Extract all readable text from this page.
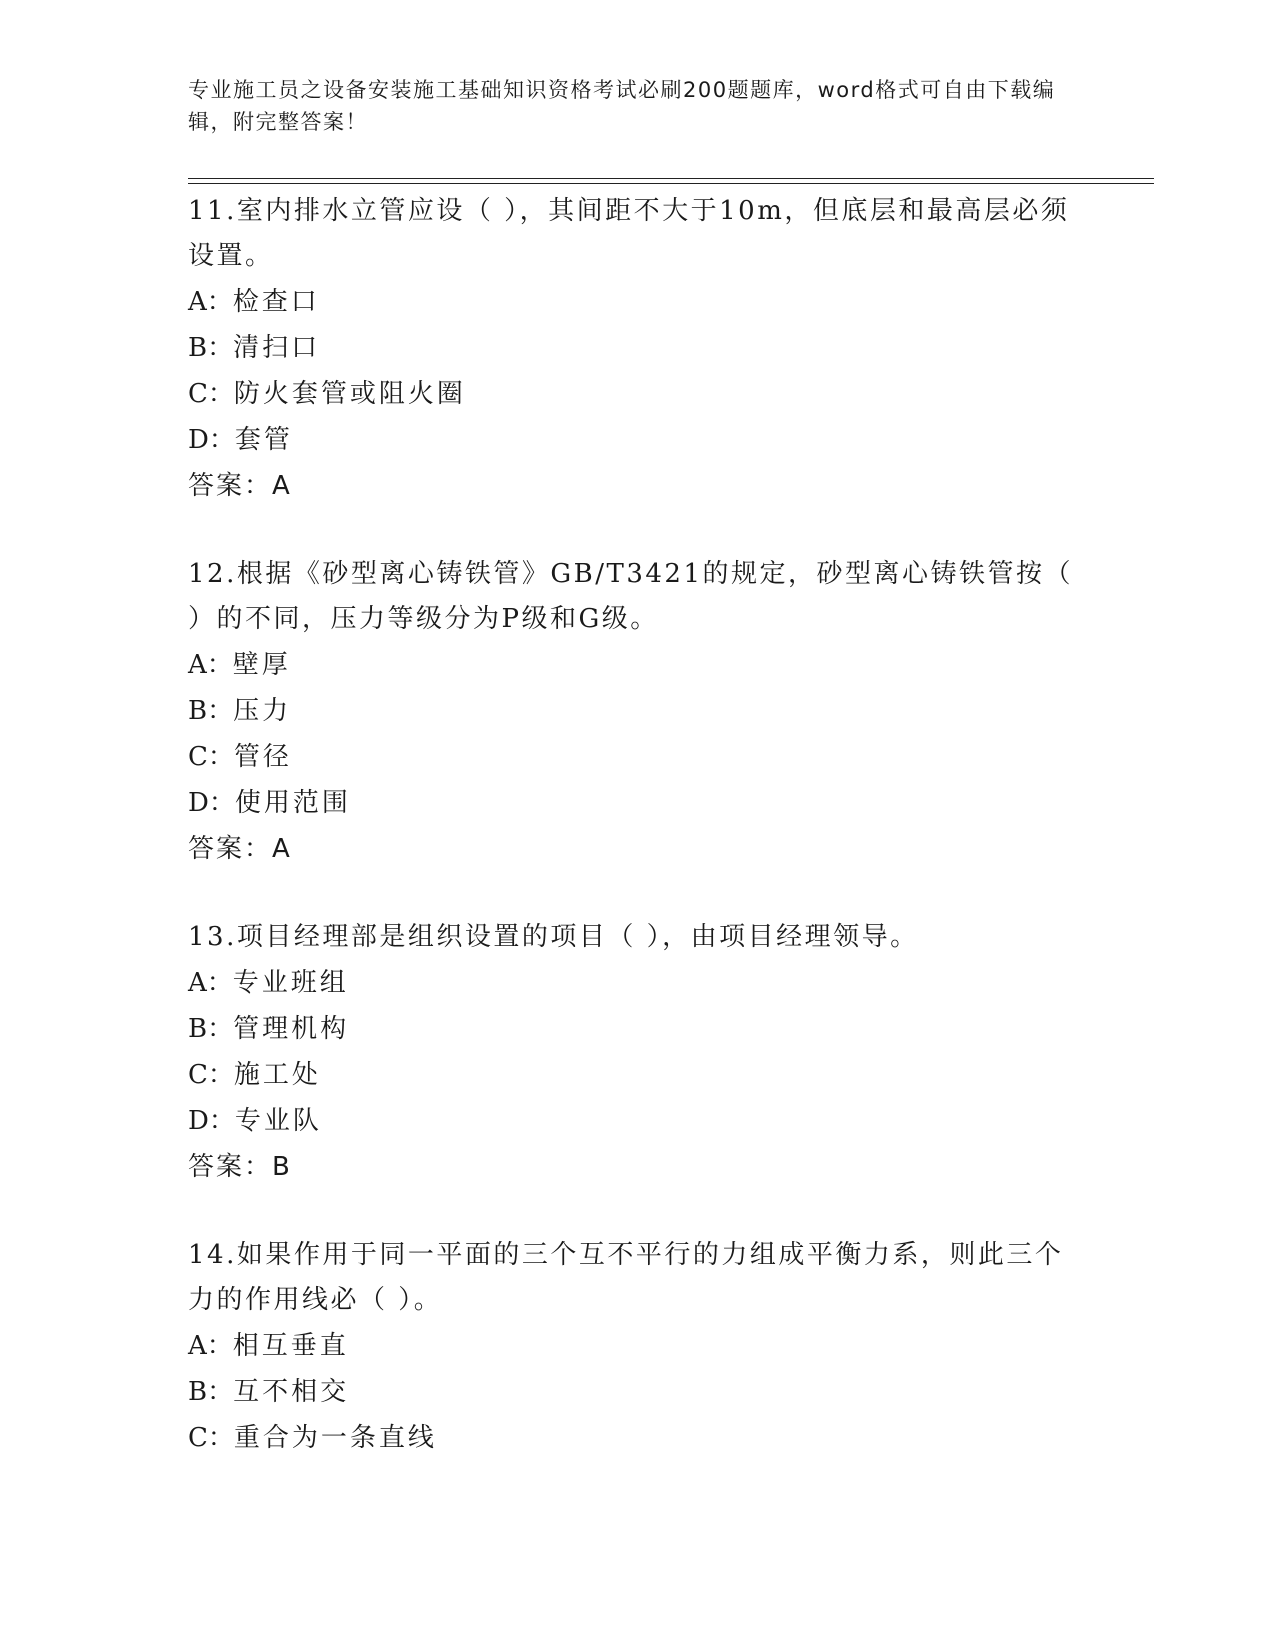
专业施工员之设备安装施工基础知识资格考试必刷200题题库，word格式可自由下载编辑，附完整答案！

11.室内排水立管应设（ ），其间距不大于10m，但底层和最高层必须设置。

A：检查口

B：清扫口

C：防火套管或阻火圈

D：套管

答案：A

12.根据《砂型离心铸铁管》GB/T3421的规定，砂型离心铸铁管按（ ）的不同，压力等级分为P级和G级。

A：壁厚

B：压力

C：管径

D：使用范围

答案：A

13.项目经理部是组织设置的项目（ ），由项目经理领导。

A：专业班组

B：管理机构

C：施工处

D：专业队

答案：B

14.如果作用于同一平面的三个互不平行的力组成平衡力系，则此三个力的作用线必（ ）。

A：相互垂直

B：互不相交

C：重合为一条直线
